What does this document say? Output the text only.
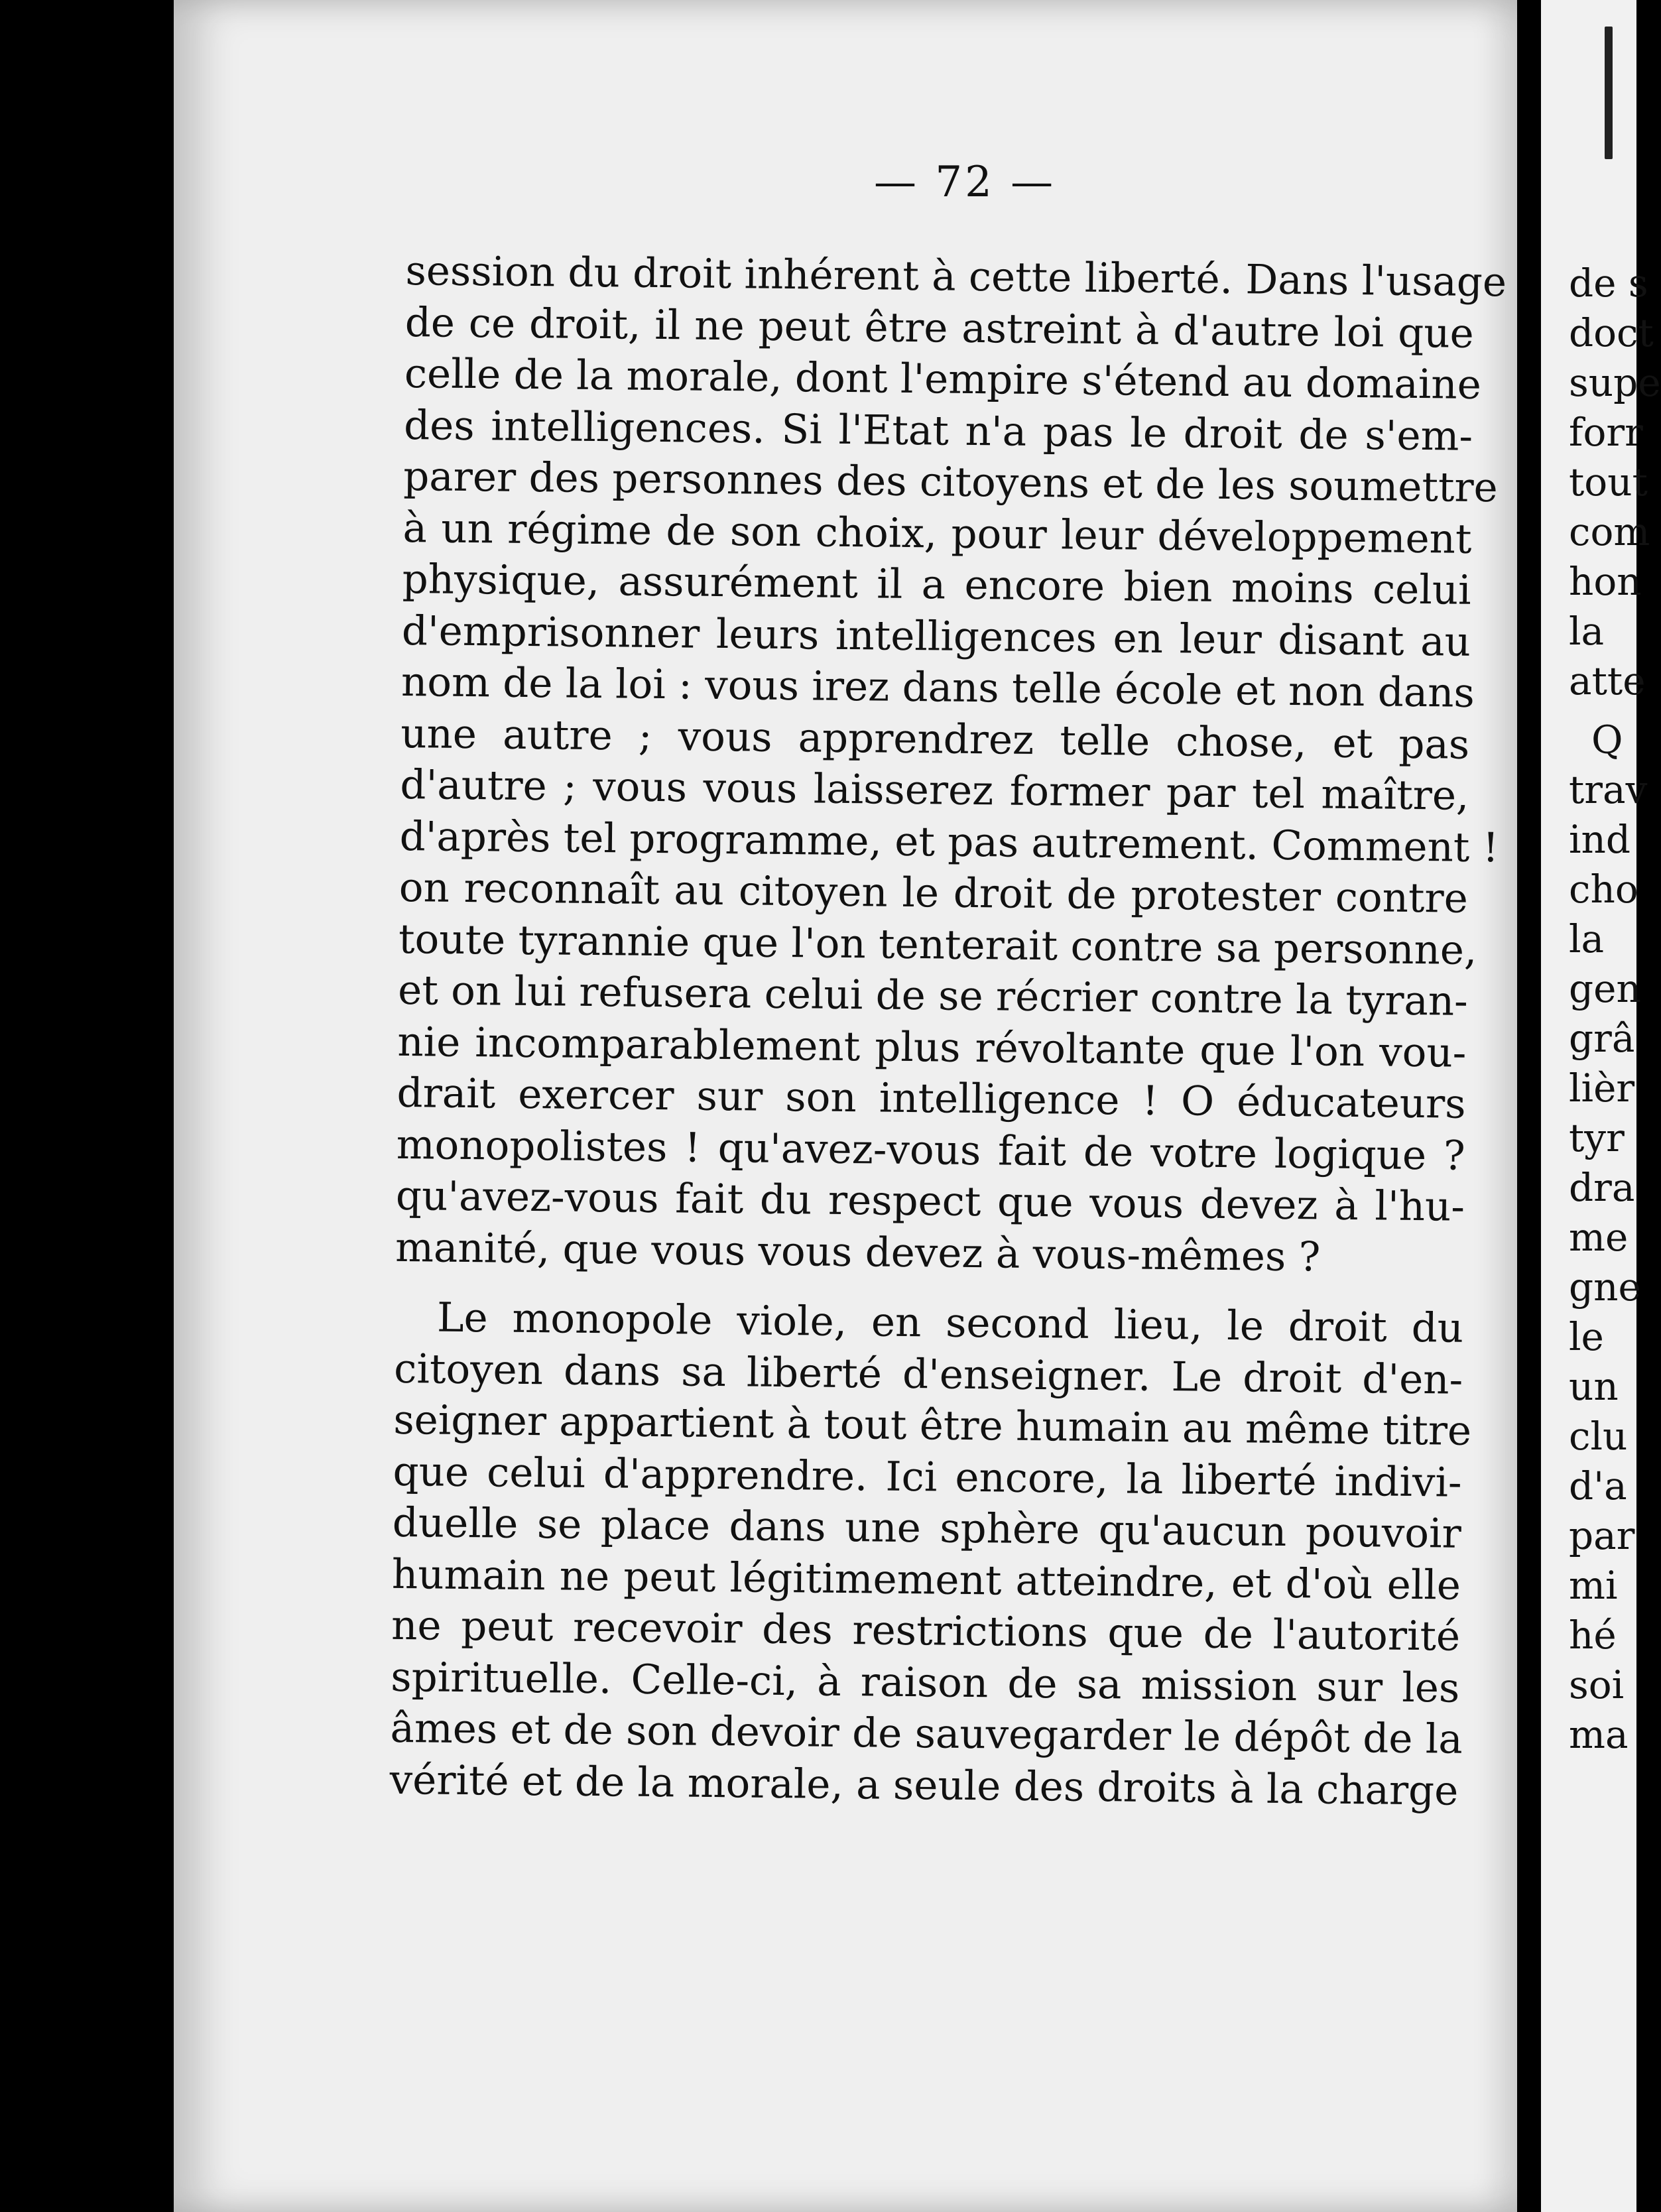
de s
doct
supe
forr
tout
com
hon
la
atte
Q
trav
ind
cho
la
gen
grâ
lièr
tyr
dra
me
gne
le
un
clu
d'a
par
mi
hé
soi
ma
— 72 —
session du droit inhérent à cette liberté. Dans l'usage
de ce droit, il ne peut être astreint à d'autre loi que
celle de la morale, dont l'empire s'étend au domaine
des intelligences. Si l'Etat n'a pas le droit de s'em-
parer des personnes des citoyens et de les soumettre
à un régime de son choix, pour leur développement
physique, assurément il a encore bien moins celui
d'emprisonner leurs intelligences en leur disant au
nom de la loi : vous irez dans telle école et non dans
une autre ; vous apprendrez telle chose, et pas
d'autre ; vous vous laisserez former par tel maître,
d'après tel programme, et pas autrement. Comment !
on reconnaît au citoyen le droit de protester contre
toute tyrannie que l'on tenterait contre sa personne,
et on lui refusera celui de se récrier contre la tyran-
nie incomparablement plus révoltante que l'on vou-
drait exercer sur son intelligence ! O éducateurs
monopolistes ! qu'avez-vous fait de votre logique ?
qu'avez-vous fait du respect que vous devez à l'hu-
manité, que vous vous devez à vous-mêmes ?
Le monopole viole, en second lieu, le droit du
citoyen dans sa liberté d'enseigner. Le droit d'en-
seigner appartient à tout être humain au même titre
que celui d'apprendre. Ici encore, la liberté indivi-
duelle se place dans une sphère qu'aucun pouvoir
humain ne peut légitimement atteindre, et d'où elle
ne peut recevoir des restrictions que de l'autorité
spirituelle. Celle-ci, à raison de sa mission sur les
âmes et de son devoir de sauvegarder le dépôt de la
vérité et de la morale, a seule des droits à la charge
